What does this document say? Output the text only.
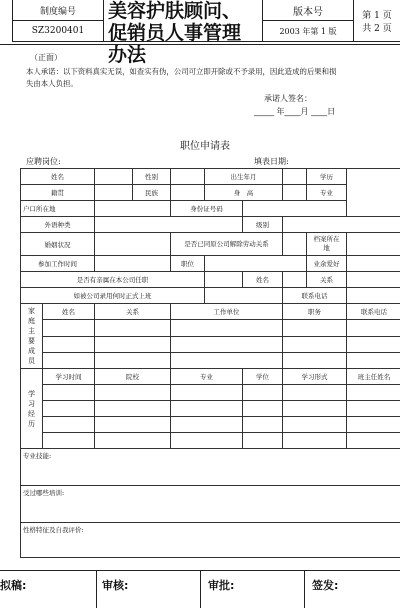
制度编号
SZ3200401
美容护肤顾问、促销员人事管理办法
版本号
2003 年第 1 版
第 1 页
共 2 页
（正面）
本人承诺：以下资料真实无误，如查实有伪，公司可立即开除或不予录用，因此造成的后果和损
失由本人负担。
承诺人签名：
_____ 年____月 ____日
职位申请表
应聘岗位:	填表日期:
姓名			性别		出生年月			学历	
籍贯			民族		身　高			专业	
户口所在地				身份证号码					
外语种类						级别			
婚姻状况				是否已同原公司解除劳动关系				档案所在地	
参加工作时间				职位				业余爱好	
是否有亲属在本公司任职						姓名		关系	
如被公司录用何时正式上班							联系电话		
家庭主要成员	姓名	关系		工作单位			职务		联系电话

学习经历	学习时间	院校		专业		学位	学习形式		班主任姓名

专业技能:									
受过哪些培训:									
性格特征及自我评价:									
拟稿:	审核:	审批:	签发:
